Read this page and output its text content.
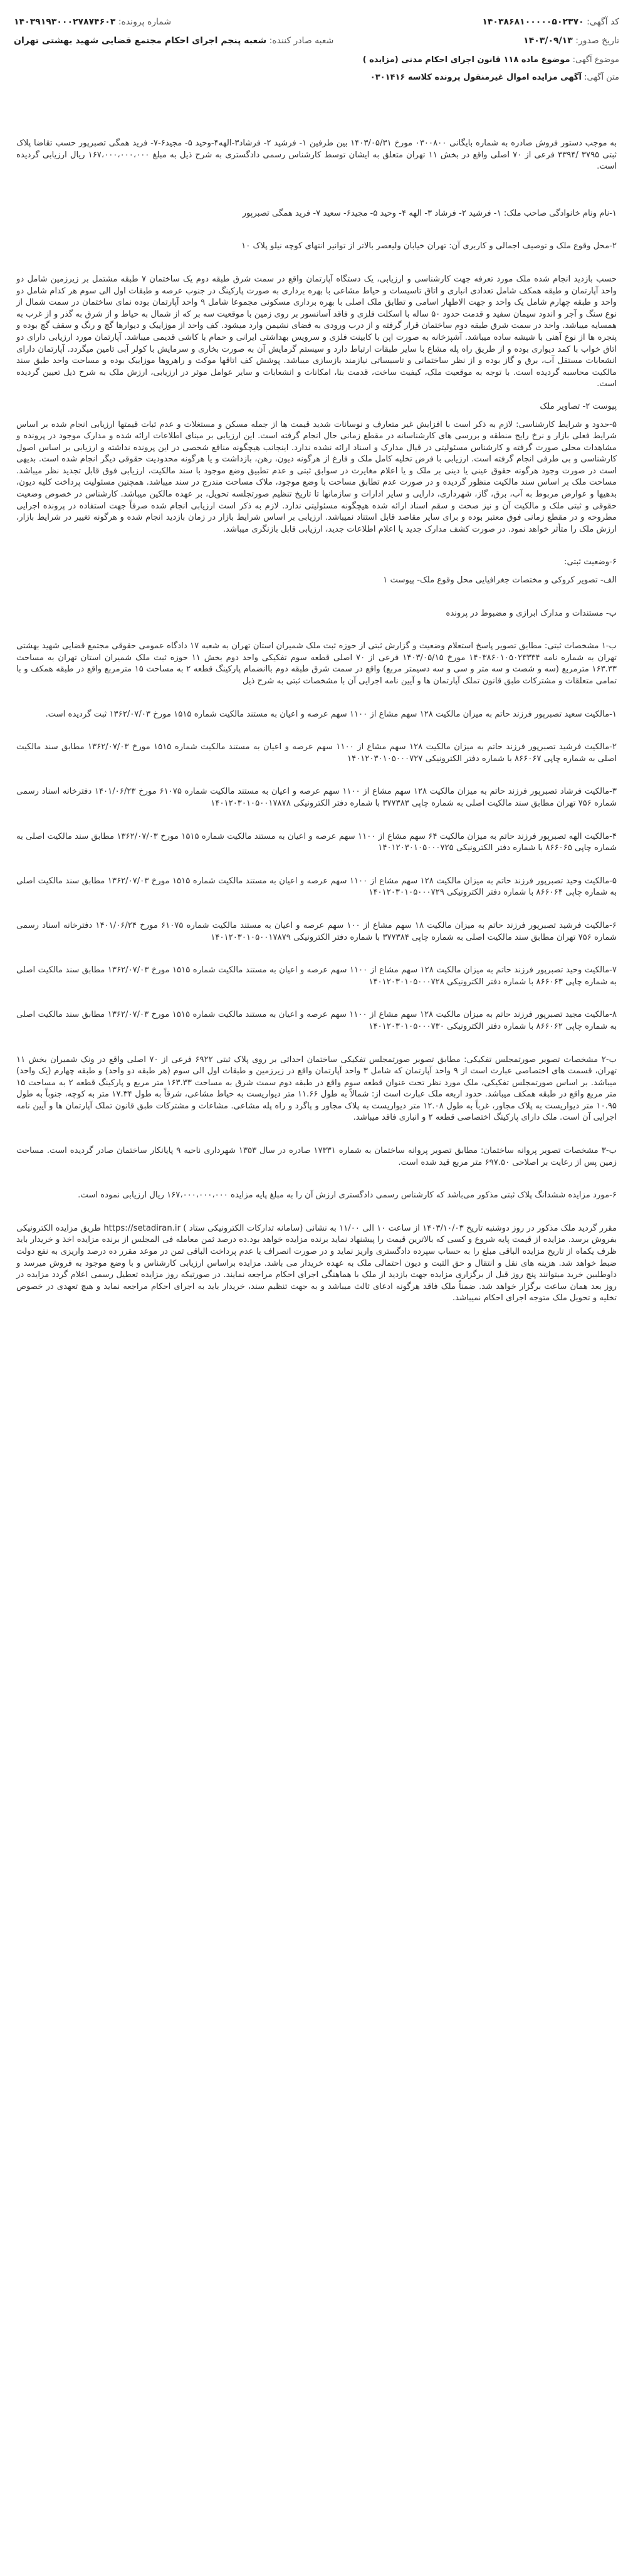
کد آگهی: ۱۴۰۳۸۶۸۱۰۰۰۰۰۵۰۲۳۷۰
شماره پرونده: ۱۴۰۳۹۱۹۳۰۰۰۲۷۸۷۴۶۰۳
تاریخ صدور: ۱۴۰۳/۰۹/۱۳
شعبه صادر کننده: شعبه پنجم اجرای احکام مجتمع قضایی شهید بهشتی تهران
موضوع آگهی: موضوع ماده ۱۱۸ قانون اجرای احکام مدنی (مزایده )
متن آگهی: آگهی مزایده اموال غیرمنقول پرونده کلاسه ۰۳۰۱۴۱۶

به موجب دستور فروش صادره به شماره بایگانی ۰۳۰۰۸۰۰ مورخ ۱۴۰۳/۰۵/۳۱ بین طرفین ۱- فرشید ۲- فرشاد۳-الهه۴-وحید ۵- مجید۶-۷- فرید همگی تصبرپور حسب تقاضا پلاک ثبتی ۳۷۹۵ /۳۳۹۴ فرعی از ۷۰ اصلی واقع در بخش ۱۱ تهران متعلق به ایشان توسط کارشناس رسمی دادگستری به شرح ذیل به مبلغ ۱۶۷،۰۰۰،۰۰۰،۰۰۰ ریال ارزیابی گردیده است.

۱-نام ونام خانوادگی صاحب ملک: ۱- فرشید ۲- فرشاد ۳- الهه ۴- وحید ۵- مجید۶- سعید ۷- فرید همگی تصبرپور

۲-محل وقوع ملک و توصیف اجمالی و کاربری آن: تهران خیابان ولیعصر بالاتر از توانیر انتهای کوچه نیلو پلاک ۱۰

حسب بازدید انجام شده ملک مورد تعرفه جهت کارشناسی و ارزیابی، یک دستگاه آپارتمان واقع در سمت شرق طبقه دوم یک ساختمان ۷ طبقه مشتمل بر زیرزمین شامل دو واحد آپارتمان و طبقه همکف شامل تعدادی انباری و اتاق تاسیسات و حیاط مشاعی با بهره برداری به صورت پارکینگ در جنوب عرصه و طبقات اول الی سوم هر کدام شامل دو واحد و طبقه چهارم شامل یک واحد و جهت الاطهار اسامی و تطابق ملک اصلی با بهره برداری مسکونی مجموعا شامل ۹ واحد آپارتمان بوده نمای ساختمان در سمت شمال از نوع سنگ و آجر و اندود سیمان سفید و قدمت حدود ۵۰ ساله با اسکلت فلزی و فاقد آسانسور بر روی زمین با موقعیت سه بر که از شمال به حیاط و از شرق به گذر و از غرب به همسایه میباشد. واحد در سمت شرق طبقه دوم ساختمان قرار گرفته و از درب ورودی به فضای نشیمن وارد میشود. کف واحد از موزاییک و دیوارها گچ و رنگ و سقف گچ بوده و پنجره ها از نوع آهنی با شیشه ساده میباشد. آشپزخانه به صورت اپن با کابینت فلزی و سرویس بهداشتی ایرانی و حمام با کاشی قدیمی میباشد. آپارتمان مورد ارزیابی دارای دو اتاق خواب با کمد دیواری بوده و از طریق راه پله مشاع با سایر طبقات ارتباط دارد و سیستم گرمایش آن به صورت بخاری و سرمایش با کولر آبی تامین میگردد. آپارتمان دارای انشعابات مستقل آب، برق و گاز بوده و از نظر ساختمانی و تاسیساتی نیازمند بازسازی میباشد. پوشش کف اتاقها موکت و راهروها موزاییک بوده و مساحت واحد طبق سند مالکیت محاسبه گردیده است. با توجه به موقعیت ملک، کیفیت ساخت، قدمت بنا، امکانات و انشعابات و سایر عوامل موثر در ارزیابی، ارزش ملک به شرح ذیل تعیین گردیده است.

پیوست ۲- تصاویر ملک

۵-حدود و شرایط کارشناسی: لازم به ذکر است با افزایش غیر متعارف و نوسانات شدید قیمت ها از جمله مسکن و مستغلات و عدم ثبات قیمتها ارزیابی انجام شده بر اساس شرایط فعلی بازار و نرخ رایج منطقه و بررسی های کارشناسانه در مقطع زمانی حال انجام گرفته است. این ارزیابی بر مبنای اطلاعات ارائه شده و مدارک موجود در پرونده و مشاهدات محلی صورت گرفته و کارشناس مسئولیتی در قبال مدارک و اسناد ارائه نشده ندارد. اینجانب هیچگونه منافع شخصی در این پرونده نداشته و ارزیابی بر اساس اصول کارشناسی و بی طرفی انجام گرفته است. ارزیابی با فرض تخلیه کامل ملک و فارغ از هرگونه دیون، رهن، بازداشت و یا هرگونه محدودیت حقوقی دیگر انجام شده است. بدیهی است در صورت وجود هرگونه حقوق عینی یا دینی بر ملک و یا اعلام مغایرت در سوابق ثبتی و عدم تطبیق وضع موجود با سند مالکیت، ارزیابی فوق قابل تجدید نظر میباشد. مساحت ملک بر اساس سند مالکیت منظور گردیده و در صورت عدم تطابق مساحت با وضع موجود، ملاک مساحت مندرج در سند میباشد. همچنین مسئولیت پرداخت کلیه دیون، بدهیها و عوارض مربوط به آب، برق، گاز، شهرداری، دارایی و سایر ادارات و سازمانها تا تاریخ تنظیم صورتجلسه تحویل، بر عهده مالکین میباشد. کارشناس در خصوص وضعیت حقوقی و ثبتی ملک و مالکیت آن و نیز صحت و سقم اسناد ارائه شده هیچگونه مسئولیتی ندارد. لازم به ذکر است ارزیابی انجام شده صرفاً جهت استفاده در پرونده اجرایی مطروحه و در مقطع زمانی فوق معتبر بوده و برای سایر مقاصد قابل استناد نمیباشد. ارزیابی بر اساس شرایط بازار در زمان بازدید انجام شده و هرگونه تغییر در شرایط بازار، ارزش ملک را متأثر خواهد نمود. در صورت کشف مدارک جدید یا اعلام اطلاعات جدید، ارزیابی قابل بازنگری میباشد.

۶-وضعیت ثبتی:

الف- تصویر کروکی و مختصات جغرافیایی محل وقوع ملک- پیوست ۱

ب- مستندات و مدارک ابرازی و مضبوط در پرونده

ب-۱ مشخصات ثبتی: مطابق تصویر پاسخ استعلام وضعیت و گزارش ثبتی از حوزه ثبت ملک شمیران استان تهران به شعبه ۱۷ دادگاه عمومی حقوقی مجتمع قضایی شهید بهشتی تهران به شماره نامه ۱۴۰۳۸۶۰۱۰۵۰۲۳۳۳۴ مورخ ۱۴۰۳/۰۵/۱۵ فرعی از ۷۰ اصلی قطعه سوم تفکیکی واحد دوم بخش ۱۱ حوزه ثبت ملک شمیران استان تهران به مساحت ۱۶۳.۳۳ مترمربع (سه و شصت و سه متر و سی و سه دسیمتر مربع) واقع در سمت شرق طبقه دوم باانضمام پارکینگ قطعه ۲ به مساحت ۱۵ مترمربع واقع در طبقه همکف و با تمامی متعلقات و مشترکات طبق قانون تملک آپارتمان ها و آیین نامه اجرایی آن با مشخصات ثبتی به شرح ذیل

۱-مالکیت سعید تصبرپور فرزند حاتم به میزان مالکیت ۱۲۸ سهم مشاع از ۱۱۰۰ سهم عرصه و اعیان به مستند مالکیت شماره ۱۵۱۵ مورخ ۱۳۶۲/۰۷/۰۳ ثبت گردیده است.

۲-مالکیت فرشید تصبرپور فرزند حاتم به میزان مالکیت ۱۲۸ سهم مشاع از ۱۱۰۰ سهم عرصه و اعیان به مستند مالکیت شماره ۱۵۱۵ مورخ ۱۳۶۲/۰۷/۰۳ مطابق سند مالکیت اصلی به شماره چاپی ۸۶۶۰۶۷ با شماره دفتر الکترونیکی ۱۴۰۱۲۰۳۰۱۰۵۰۰۰۷۲۷

۳-مالکیت فرشاد تصبرپور فرزند حاتم به میزان مالکیت ۱۲۸ سهم مشاع از ۱۱۰۰ سهم عرصه و اعیان به مستند مالکیت شماره ۶۱۰۷۵ مورخ ۱۴۰۱/۰۶/۲۳ دفترخانه اسناد رسمی شماره ۷۵۶ تهران مطابق سند مالکیت اصلی به شماره چاپی ۳۷۷۳۸۳ با شماره دفتر الکترونیکی ۱۴۰۱۲۰۳۰۱۰۵۰۰۱۷۸۷۸

۴-مالکیت الهه تصبرپور فرزند حاتم به میزان مالکیت ۶۴ سهم مشاع از ۱۱۰۰ سهم عرصه و اعیان به مستند مالکیت شماره ۱۵۱۵ مورخ ۱۳۶۲/۰۷/۰۳ مطابق سند مالکیت اصلی به شماره چاپی ۸۶۶۰۶۵ با شماره دفتر الکترونیکی ۱۴۰۱۲۰۳۰۱۰۵۰۰۰۷۲۵

۵-مالکیت وحید تصبرپور فرزند حاتم به میزان مالکیت ۱۲۸ سهم مشاع از ۱۱۰۰ سهم عرصه و اعیان به مستند مالکیت شماره ۱۵۱۵ مورخ ۱۳۶۲/۰۷/۰۳ مطابق سند مالکیت اصلی به شماره چاپی ۸۶۶۰۶۴ با شماره دفتر الکترونیکی ۱۴۰۱۲۰۳۰۱۰۵۰۰۰۷۲۹

۶-مالکیت فرشید تصبرپور فرزند حاتم به میزان مالکیت ۱۸ سهم مشاع از ۱۰۰ سهم عرصه و اعیان به مستند مالکیت شماره ۶۱۰۷۵ مورخ ۱۴۰۱/۰۶/۲۴ دفترخانه اسناد رسمی شماره ۷۵۶ تهران مطابق سند مالکیت اصلی به شماره چاپی ۳۷۷۳۸۴ با شماره دفتر الکترونیکی ۱۴۰۱۲۰۳۰۱۰۵۰۰۱۷۸۷۹

۷-مالکیت وحید تصبرپور فرزند حاتم به میزان مالکیت ۱۲۸ سهم مشاع از ۱۱۰۰ سهم عرصه و اعیان به مستند مالکیت شماره ۱۵۱۵ مورخ ۱۳۶۲/۰۷/۰۳ مطابق سند مالکیت اصلی به شماره چاپی ۸۶۶۰۶۳ با شماره دفتر الکترونیکی ۱۴۰۱۲۰۳۰۱۰۵۰۰۰۷۲۸

۸-مالکیت مجید تصبرپور فرزند حاتم به میزان مالکیت ۱۲۸ سهم مشاع از ۱۱۰۰ سهم عرصه و اعیان به مستند مالکیت شماره ۱۵۱۵ مورخ ۱۳۶۲/۰۷/۰۳ مطابق سند مالکیت اصلی به شماره چاپی ۸۶۶۰۶۲ با شماره دفتر الکترونیکی ۱۴۰۱۲۰۳۰۱۰۵۰۰۰۷۳۰

ب-۲ مشخصات تصویر صورتمجلس تفکیکی: مطابق تصویر صورتمجلس تفکیکی ساختمان احداثی بر روی پلاک ثبتی ۶۹۲۲ فرعی از ۷۰ اصلی واقع در ونک شمیران بخش ۱۱ تهران، قسمت های اختصاصی عبارت است از ۹ واحد آپارتمان که شامل ۳ واحد آپارتمان واقع در زیرزمین و طبقات اول الی سوم (هر طبقه دو واحد) و طبقه چهارم (یک واحد) میباشد. بر اساس صورتمجلس تفکیکی، ملک مورد نظر تحت عنوان قطعه سوم واقع در طبقه دوم سمت شرق به مساحت ۱۶۳.۳۳ متر مربع و پارکینگ قطعه ۲ به مساحت ۱۵ متر مربع واقع در طبقه همکف میباشد. حدود اربعه ملک عبارت است از: شمالاً به طول ۱۱.۶۶ متر دیواریست به حیاط مشاعی، شرقاً به طول ۱۷.۳۴ متر به کوچه، جنوباً به طول ۱۰.۹۵ متر دیواریست به پلاک مجاور، غرباً به طول ۱۲.۰۸ متر دیواریست به پلاک مجاور و پاگرد و راه پله مشاعی. مشاعات و مشترکات طبق قانون تملک آپارتمان ها و آیین نامه اجرایی آن است. ملک دارای پارکینگ اختصاصی قطعه ۲ و انباری فاقد میباشد.

ب-۳ مشخصات تصویر پروانه ساختمان: مطابق تصویر پروانه ساختمان به شماره ۱۷۳۳۱ صادره در سال ۱۳۵۳ شهرداری ناحیه ۹ پایانکار ساختمان صادر گردیده است. مساحت زمین پس از رعایت بر اصلاحی ۶۹۷.۵۰ متر مربع قید شده است.

۶-مورد مزایده ششدانگ پلاک ثبتی مذکور می‌باشد که کارشناس رسمی دادگستری ارزش آن را به مبلغ پایه مزایده ۱۶۷،۰۰۰،۰۰۰،۰۰۰ ریال ارزیابی نموده است.

مقرر گردید ملک مذکور در روز دوشنبه تاریخ ۱۴۰۳/۱۰/۰۳ از ساعت ۱۰ الی ۱۱/۰۰ به نشانی (سامانه تدارکات الکترونیکی ستاد ) https://setadiran.ir طریق مزایده الکترونیکی بفروش برسد. مزایده از قیمت پایه شروع و کسی که بالاترین قیمت را پیشنهاد نماید برنده مزایده خواهد بود.ده درصد ثمن معامله فی المجلس از برنده مزایده اخذ و خریدار باید ظرف یکماه از تاریخ مزایده الباقی مبلغ را به حساب سپرده دادگستری واریز نماید و در صورت انصراف یا عدم پرداخت الباقی ثمن در موعد مقرر ده درصد واریزی به نفع دولت ضبط خواهد شد. هزینه های نقل و انتقال و حق الثبت و دیون احتمالی ملک به عهده خریدار می باشد. مزایده براساس ارزیابی کارشناس و با وضع موجود به فروش میرسد و داوطلبین خرید میتوانند پنج روز قبل از برگزاری مزایده جهت بازدید از ملک با هماهنگی اجرای احکام مراجعه نمایند. در صورتیکه روز مزایده تعطیل رسمی اعلام گردد مزایده در روز بعد همان ساعت برگزار خواهد شد. ضمناً ملک فاقد هرگونه ادعای ثالث میباشد و به جهت تنظیم سند، خریدار باید به اجرای احکام مراجعه نماید و هیچ تعهدی در خصوص تخلیه و تحویل ملک متوجه اجرای احکام نمیباشد.
